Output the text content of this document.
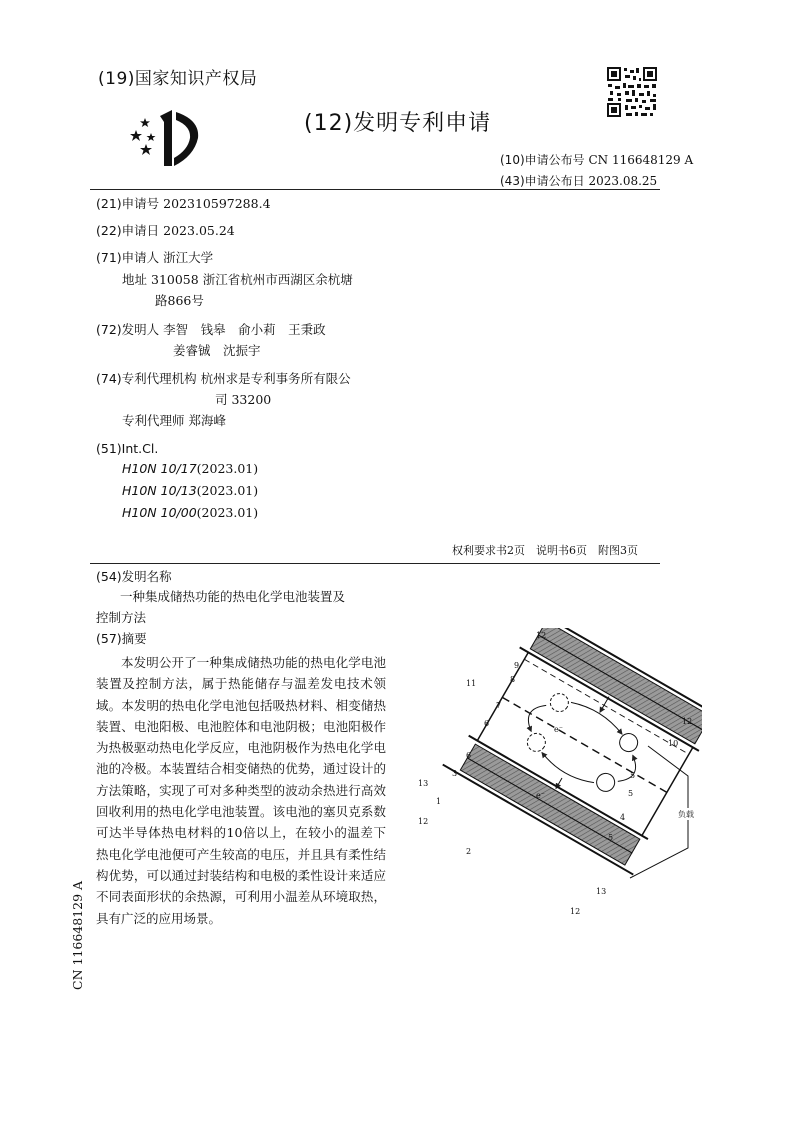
(19)国家知识产权局
(12)发明专利申请
(10)申请公布号 CN 116648129 A
(43)申请公布日 2023.08.25
(21)申请号 202310597288.4
(22)申请日 2023.05.24
(71)申请人 浙江大学
地址 310058 浙江省杭州市西湖区余杭塘
路866号
(72)发明人 李智　钱皋　俞小莉　王秉政
姜睿铖　沈振宇
(74)专利代理机构 杭州求是专利事务所有限公
司 33200
专利代理师 郑海峰
(51)Int.Cl.
H10N 10/17(2023.01)
H10N 10/13(2023.01)
H10N 10/00(2023.01)
权利要求书2页　说明书6页　附图3页
(54)发明名称
一种集成储热功能的热电化学电池装置及
控制方法
(57)摘要

本发明公开了一种集成储热功能的热电化学电池装置及控制方法，属于热能储存与温差发电技术领域。本发明的热电化学电池包括吸热材料、相变储热装置、电池阳极、电池腔体和电池阴极；电池阳极作为热极驱动热电化学反应，电池阴极作为热电化学电池的冷极。本装置结合相变储热的优势，通过设计的方法策略，实现了可对多种类型的波动余热进行高效回收利用的热电化学电池装置。该电池的塞贝克系数可达半导体热电材料的10倍以上，在较小的温差下热电化学电池便可产生较高的电压，并且具有柔性结构优势，可以通过封装结构和电极的柔性设计来适应不同表面形状的余热源，可利用小温差从环境取热，具有广泛的应用场景。

CN 116648129 A
12
9
8
11
7
6
e⁻
12
10
6
5
3
13
1
4
5
12
e⁻
负载
2
5
13
12
